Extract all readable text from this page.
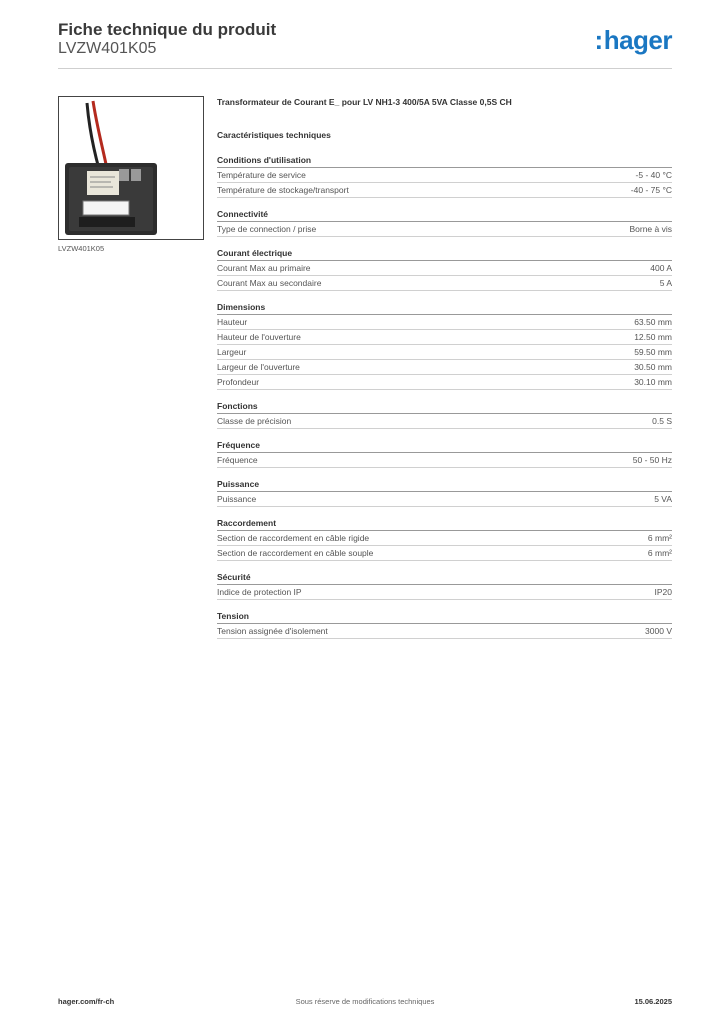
Fiche technique du produit
LVZW401K05	:hager
LVZW401K05
Transformateur de Courant E_ pour LV NH1-3 400/5A 5VA Classe 0,5S CH
Caractéristiques techniques
Conditions d'utilisation
Température de service	-5 - 40 °C
Température de stockage/transport	-40 - 75 °C
Connectivité
Type de connection / prise	Borne à vis
Courant électrique
Courant Max au primaire	400 A
Courant Max au secondaire	5 A
Dimensions
Hauteur	63.50 mm
Hauteur de l'ouverture	12.50 mm
Largeur	59.50 mm
Largeur de l'ouverture	30.50 mm
Profondeur	30.10 mm
Fonctions
Classe de précision	0.5 S
Fréquence
Fréquence	50 - 50 Hz
Puissance
Puissance	5 VA
Raccordement
Section de raccordement en câble rigide	6 mm²
Section de raccordement en câble souple	6 mm²
Sécurité
Indice de protection IP	IP20
Tension
Tension assignée d'isolement	3000 V
Sous réserve de modifications techniques
hager.com/fr-ch	15.06.2025
